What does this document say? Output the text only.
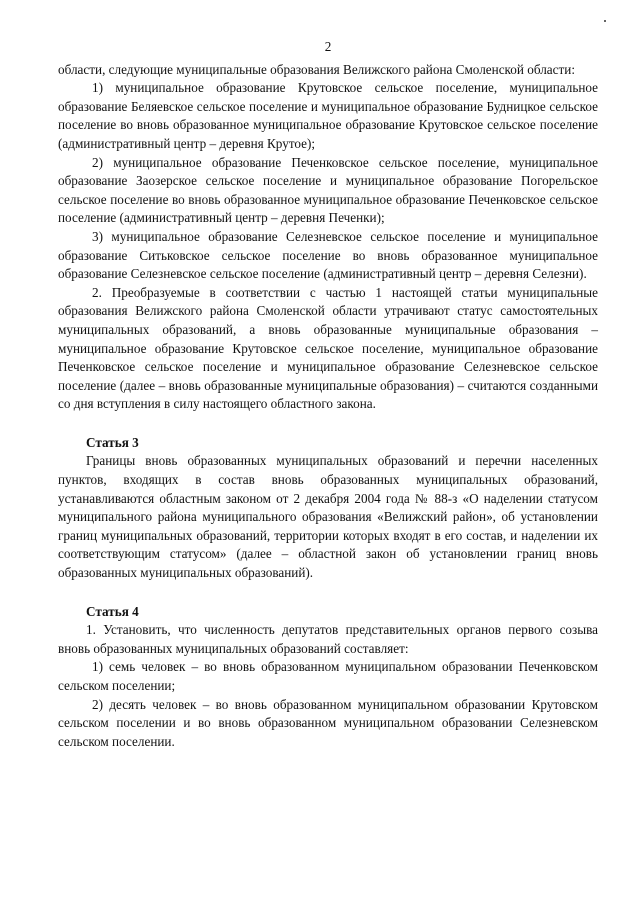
2

области, следующие муниципальные образования Велижского района Смоленской области:

1) муниципальное образование Крутовское сельское поселение, муниципальное образование Беляевское сельское поселение и муниципальное образование Будницкое сельское поселение во вновь образованное муниципальное образование Крутовское сельское поселение (административный центр – деревня Крутое);

2) муниципальное образование Печенковское сельское поселение, муниципальное образование Заозерское сельское поселение и муниципальное образование Погорельское сельское поселение во вновь образованное муниципальное образование Печенковское сельское поселение (административный центр – деревня Печенки);

3) муниципальное образование Селезневское сельское поселение и муниципальное образование Ситьковское сельское поселение во вновь образованное муниципальное образование Селезневское сельское поселение (административный центр – деревня Селезни).

2. Преобразуемые в соответствии с частью 1 настоящей статьи муниципальные образования Велижского района Смоленской области утрачивают статус самостоятельных муниципальных образований, а вновь образованные муниципальные образования – муниципальное образование Крутовское сельское поселение, муниципальное образование Печенковское сельское поселение и муниципальное образование Селезневское сельское поселение (далее – вновь образованные муниципальные образования) – считаются созданными со дня вступления в силу настоящего областного закона.

Статья 3

Границы вновь образованных муниципальных образований и перечни населенных пунктов, входящих в состав вновь образованных муниципальных образований, устанавливаются областным законом от 2 декабря 2004 года № 88-з «О наделении статусом муниципального района муниципального образования «Велижский район», об установлении границ муниципальных образований, территории которых входят в его состав, и наделении их соответствующим статусом» (далее – областной закон об установлении границ вновь образованных муниципальных образований).

Статья 4

1. Установить, что численность депутатов представительных органов первого созыва вновь образованных муниципальных образований составляет:

1) семь человек – во вновь образованном муниципальном образовании Печенковском сельском поселении;

2) десять человек – во вновь образованном муниципальном образовании Крутовском сельском поселении и во вновь образованном муниципальном образовании Селезневском сельском поселении.
